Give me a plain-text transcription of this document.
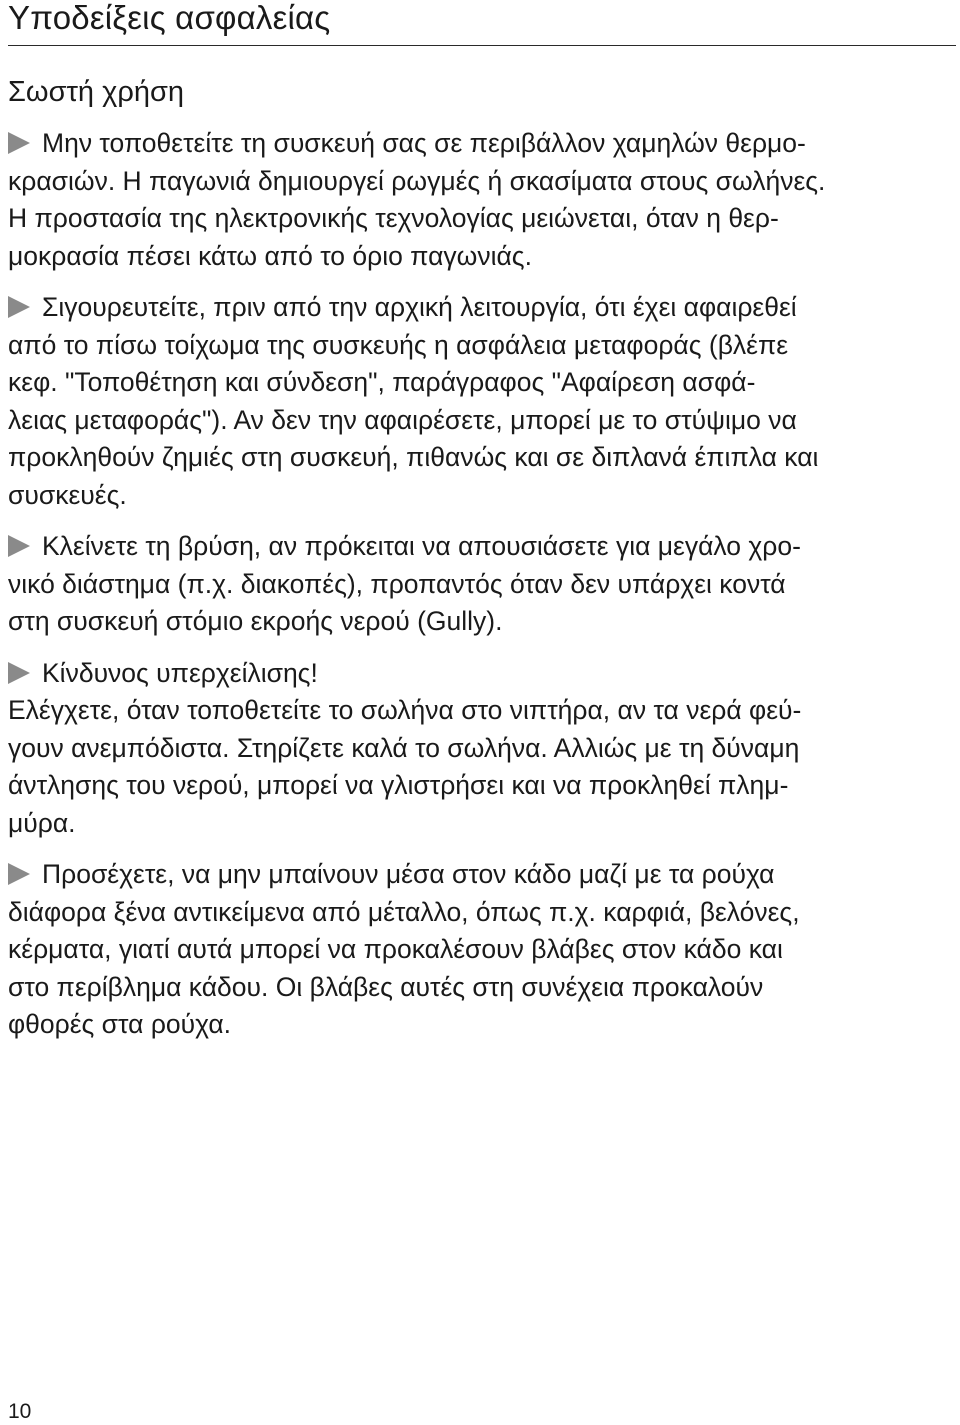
Υποδείξεις ασφαλείας
Σωστή χρήση
Μην τοποθετείτε τη συσκευή σας σε περιβάλλον χαμηλών θερμο-
κρασιών. Η παγωνιά δημιουργεί ρωγμές ή σκασίματα στους σωλήνες.
Η προστασία της ηλεκτρονικής τεχνολογίας μειώνεται, όταν η θερ-
μοκρασία πέσει κάτω από το όριο παγωνιάς.
Σιγουρευτείτε, πριν από την αρχική λειτουργία, ότι έχει αφαιρεθεί
από το πίσω τοίχωμα της συσκευής η ασφάλεια μεταφοράς (βλέπε
κεφ. "Τοποθέτηση και σύνδεση", παράγραφος "Αφαίρεση ασφά-
λειας μεταφοράς"). Αν δεν την αφαιρέσετε, μπορεί με το στύψιμο να
προκληθούν ζημιές στη συσκευή, πιθανώς και σε διπλανά έπιπλα και
συσκευές.
Κλείνετε τη βρύση, αν πρόκειται να απουσιάσετε για μεγάλο χρο-
νικό διάστημα (π.χ. διακοπές), προπαντός όταν δεν υπάρχει κοντά
στη συσκευή στόμιο εκροής νερού (Gully).
Κίνδυνος υπερχείλισης!
Ελέγχετε, όταν τοποθετείτε το σωλήνα στο νιπτήρα, αν τα νερά φεύ-
γουν ανεμπόδιστα. Στηρίζετε καλά το σωλήνα. Αλλιώς με τη δύναμη
άντλησης του νερού, μπορεί να γλιστρήσει και να προκληθεί πλημ-
μύρα.
Προσέχετε, να μην μπαίνουν μέσα στον κάδο μαζί με τα ρούχα
διάφορα ξένα αντικείμενα από μέταλλο, όπως π.χ. καρφιά, βελόνες,
κέρματα, γιατί αυτά μπορεί να προκαλέσουν βλάβες στον κάδο και
στο περίβλημα κάδου. Οι βλάβες αυτές στη συνέχεια προκαλούν
φθορές στα ρούχα.
10
